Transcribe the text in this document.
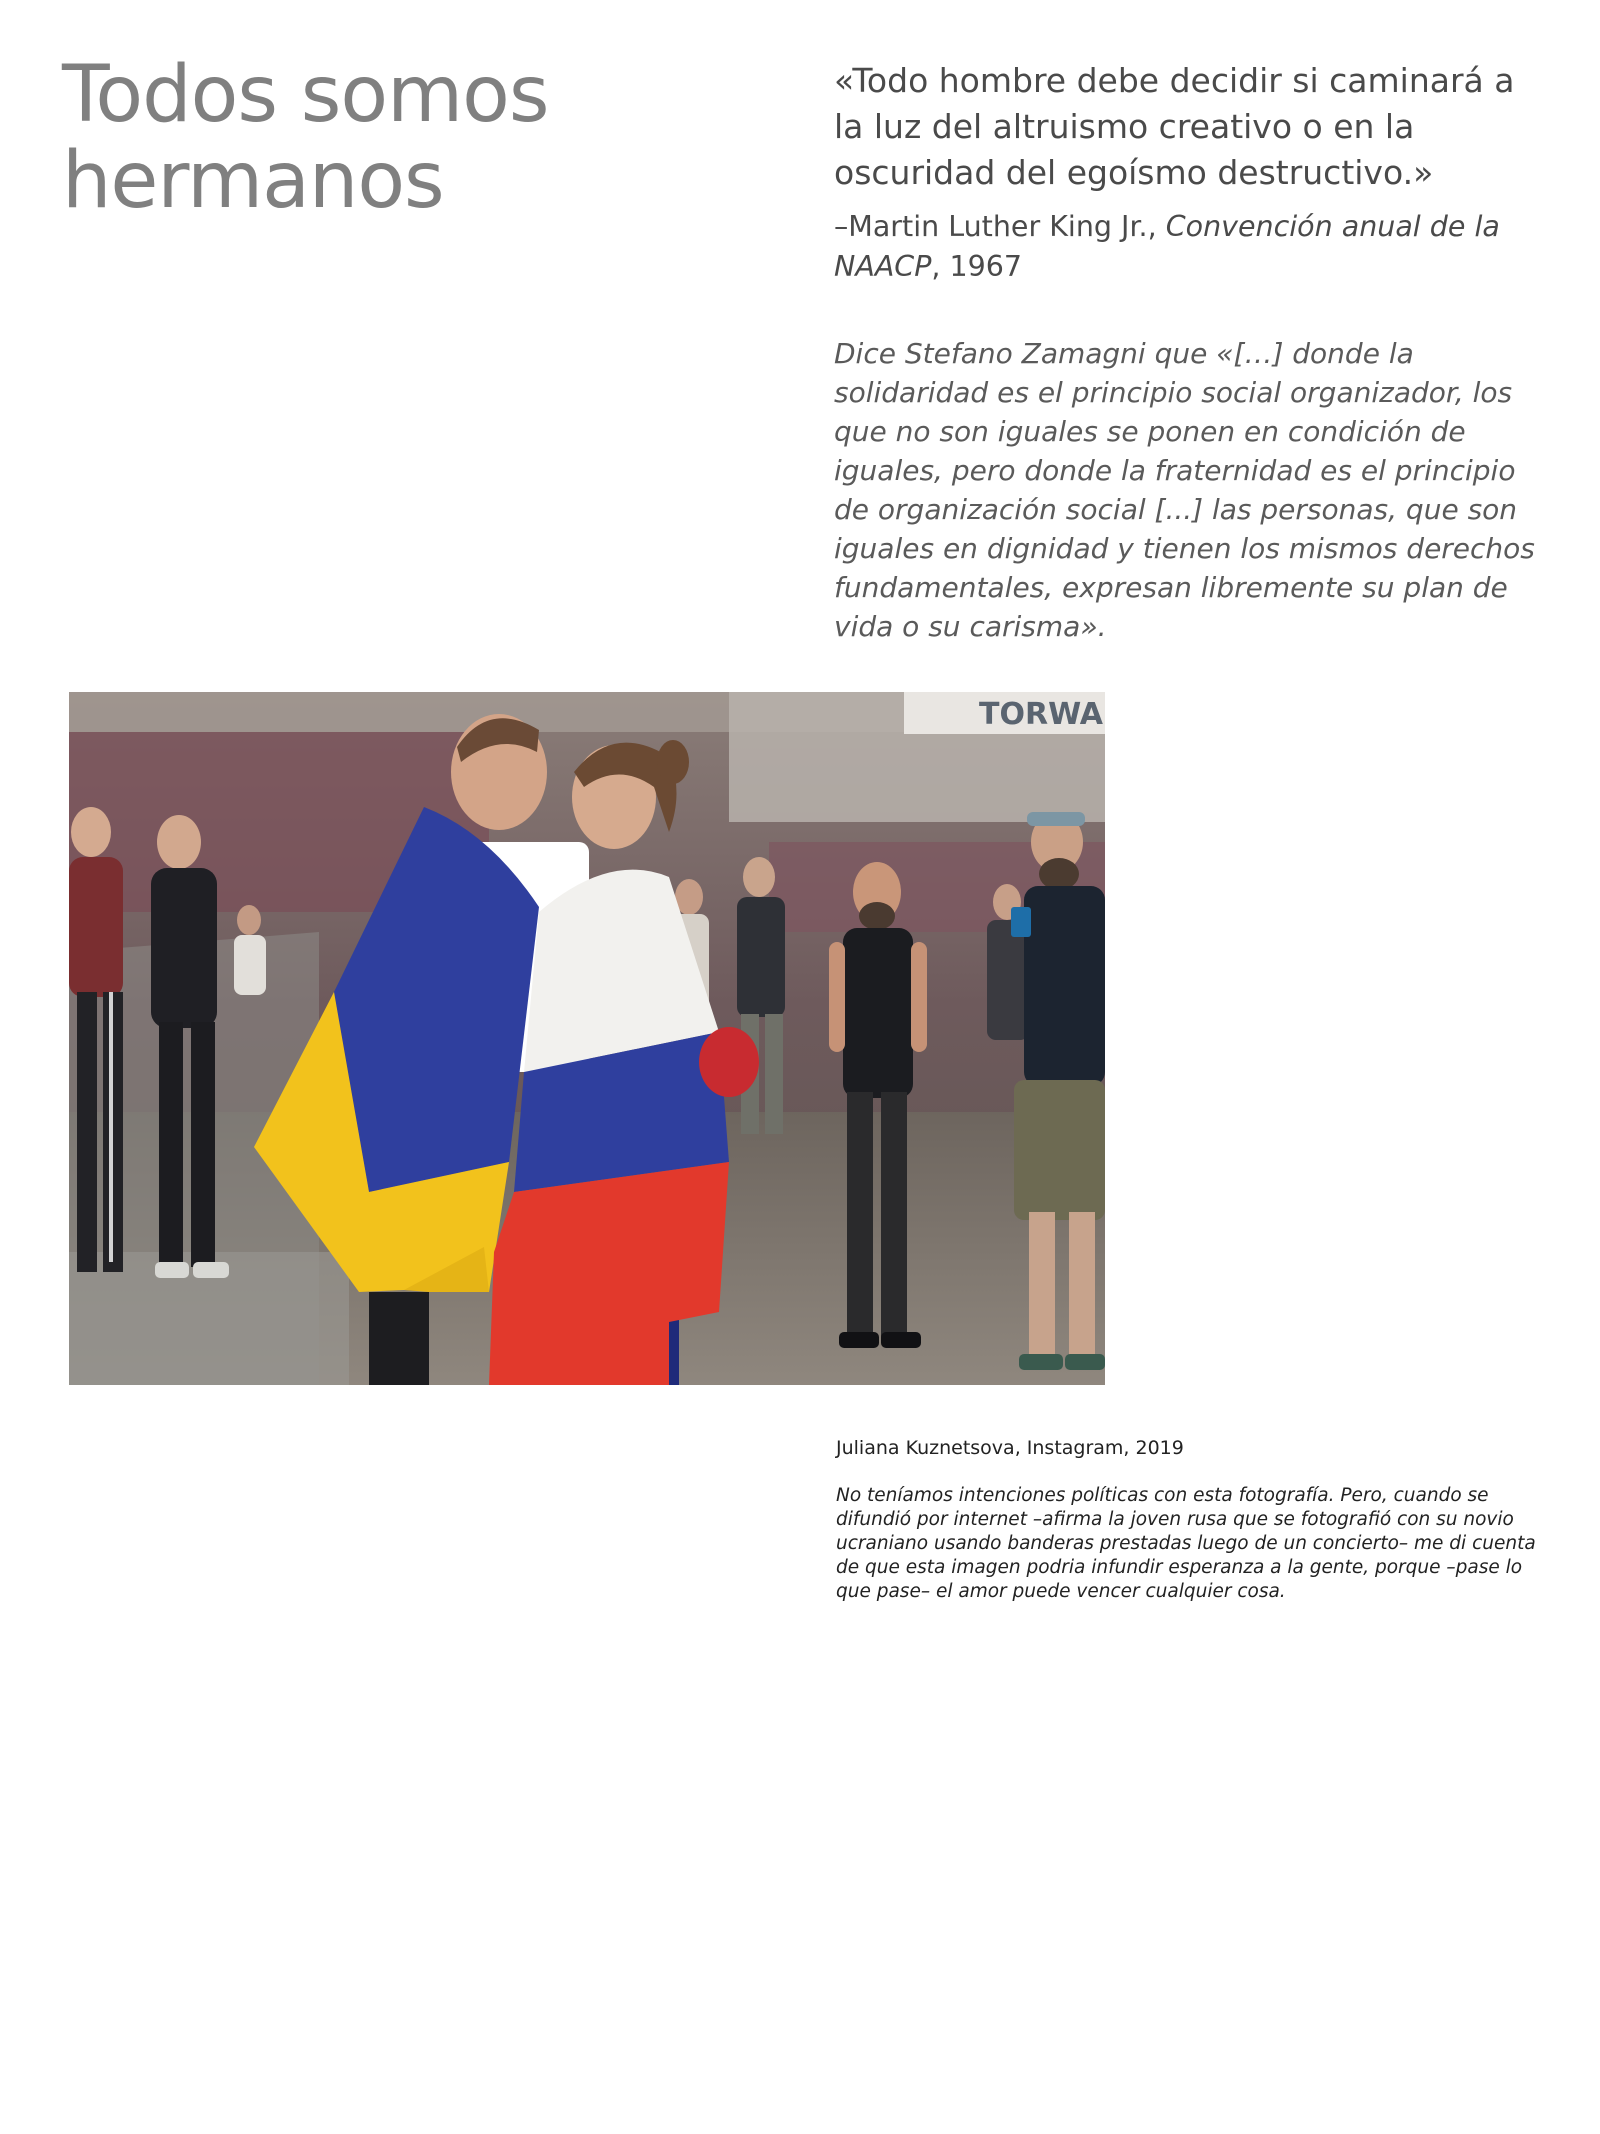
Todos somos
hermanos

«Todo hombre debe decidir si caminará a la luz del altruismo creativo o en la oscuridad del egoísmo destructivo.»

–Martin Luther King Jr., Convención anual de la NAACP, 1967

Dice Stefano Zamagni que «[…] donde la solidaridad es el principio social organizador, los que no son iguales se ponen en condición de iguales, pero donde la fraternidad es el principio de organización social [...] las personas, que son iguales en dignidad y tienen los mismos derechos fundamentales, expresan libremente su plan de vida o su carisma».

TORWA

Juliana Kuznetsova, Instagram, 2019

No teníamos intenciones políticas con esta fotografía. Pero, cuando se difundió por internet –afirma la joven rusa que se fotografió con su novio ucraniano usando banderas prestadas luego de un concierto– me di cuenta de que esta imagen podria infundir esperanza a la gente, porque –pase lo que pase– el amor puede vencer cualquier cosa.
